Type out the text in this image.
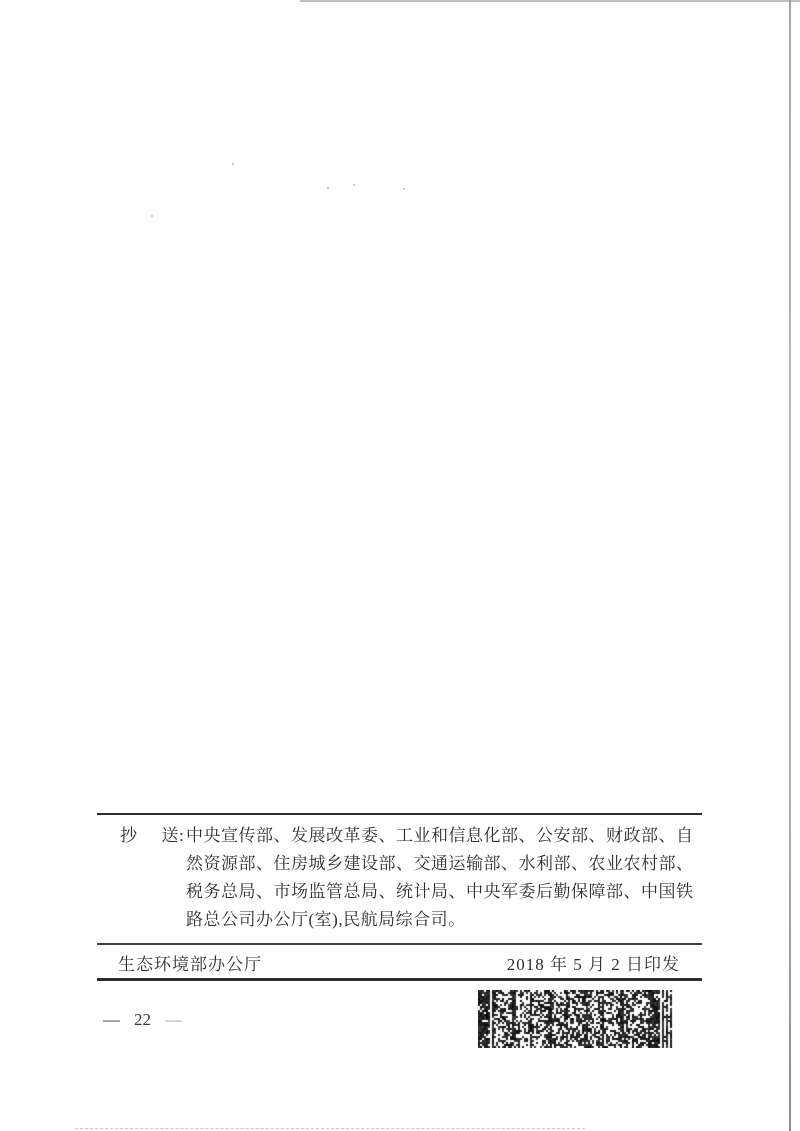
抄 送: 中央宣传部、发展改革委、工业和信息化部、公安部、财政部、自
然资源部、住房城乡建设部、交通运输部、水利部、农业农村部、
税务总局、市场监管总局、统计局、中央军委后勤保障部、中国铁
路总公司办公厅(室),民航局综合司。
生态环境部办公厅	2018 年 5 月 2 日印发
— 22 —
